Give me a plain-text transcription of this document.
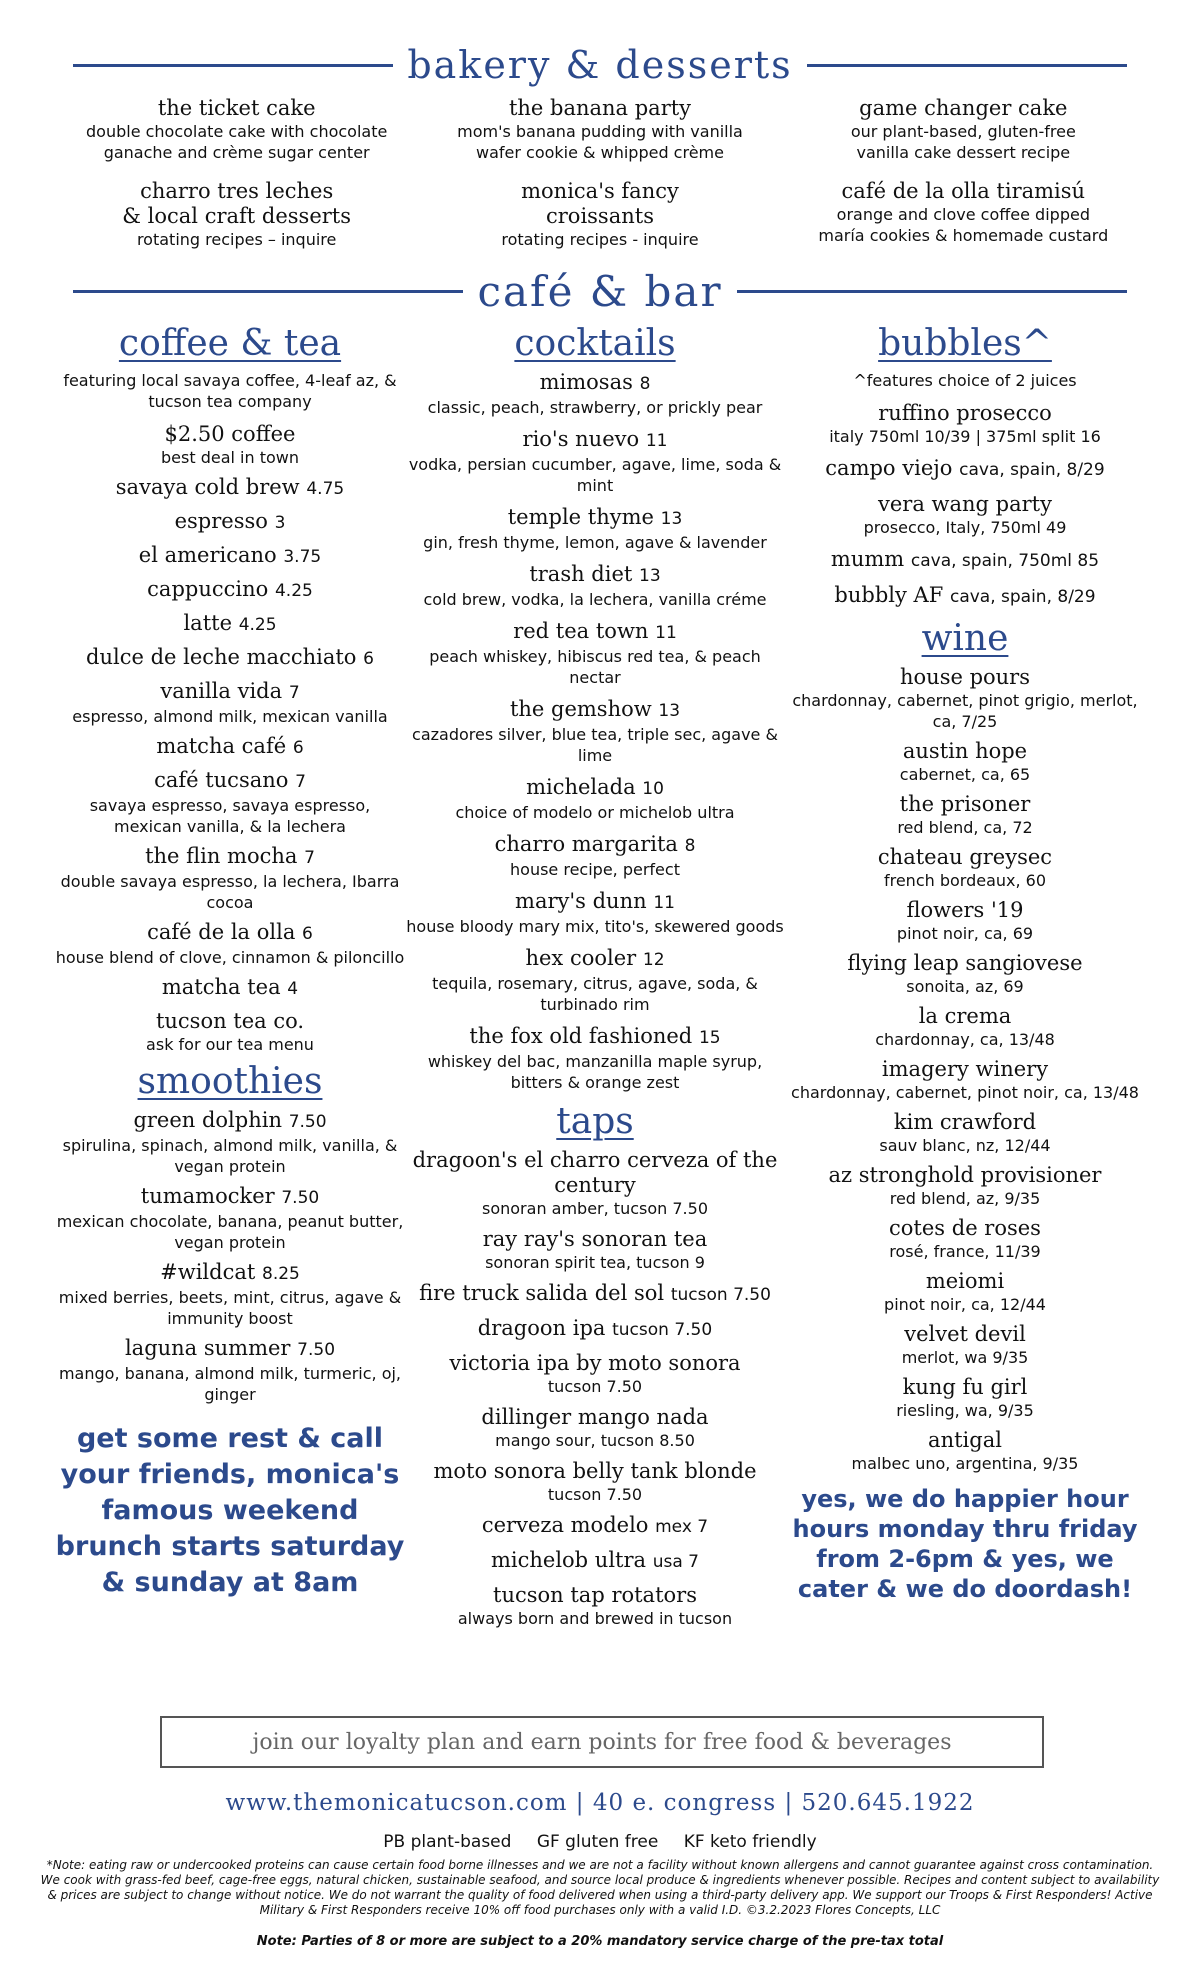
bakery & desserts
the ticket cake
double chocolate cake with chocolate
ganache and crème sugar center
charro tres leches
& local craft desserts
rotating recipes – inquire
the banana party
mom's banana pudding with vanilla
wafer cookie & whipped crème
monica's fancy
croissants
rotating recipes - inquire
game changer cake
our plant-based, gluten-free
vanilla cake dessert recipe
café de la olla tiramisú
orange and clove coffee dipped
maría cookies & homemade custard
café & bar
coffee & tea
featuring local savaya coffee, 4-leaf az, & tucson tea company
$2.50 coffee
best deal in town
savaya cold brew 4.75
espresso 3
el americano 3.75
cappuccino 4.25
latte 4.25
dulce de leche macchiato 6
vanilla vida 7
espresso, almond milk, mexican vanilla
matcha café 6
café tucsano 7
savaya espresso, savaya espresso, mexican vanilla, & la lechera
the flin mocha 7
double savaya espresso, la lechera, Ibarra cocoa
café de la olla 6
house blend of clove, cinnamon & piloncillo
matcha tea 4
tucson tea co.
ask for our tea menu
smoothies
green dolphin 7.50
spirulina, spinach, almond milk, vanilla, & vegan protein
tumamocker 7.50
mexican chocolate, banana, peanut butter, vegan protein
#wildcat 8.25
mixed berries, beets, mint, citrus, agave & immunity boost
laguna summer 7.50
mango, banana, almond milk, turmeric, oj, ginger
get some rest & call your friends, monica's famous weekend brunch starts saturday & sunday at 8am
cocktails
mimosas 8
classic, peach, strawberry, or prickly pear
rio's nuevo 11
vodka, persian cucumber, agave, lime, soda & mint
temple thyme 13
gin, fresh thyme, lemon, agave & lavender
trash diet 13
cold brew, vodka, la lechera, vanilla créme
red tea town 11
peach whiskey, hibiscus red tea, & peach nectar
the gemshow 13
cazadores silver, blue tea, triple sec, agave & lime
michelada 10
choice of modelo or michelob ultra
charro margarita 8
house recipe, perfect
mary's dunn 11
house bloody mary mix, tito's, skewered goods
hex cooler 12
tequila, rosemary, citrus, agave, soda, & turbinado rim
the fox old fashioned 15
whiskey del bac, manzanilla maple syrup, bitters & orange zest
taps
dragoon's el charro cerveza of the century
sonoran amber, tucson 7.50
ray ray's sonoran tea
sonoran spirit tea, tucson 9
fire truck salida del sol tucson 7.50
dragoon ipa tucson 7.50
victoria ipa by moto sonora
tucson 7.50
dillinger mango nada
mango sour, tucson 8.50
moto sonora belly tank blonde
tucson 7.50
cerveza modelo mex 7
michelob ultra usa 7
tucson tap rotators
always born and brewed in tucson
bubbles^
^features choice of 2 juices
ruffino prosecco
italy 750ml 10/39 | 375ml split 16
campo viejo cava, spain, 8/29
vera wang party
prosecco, Italy, 750ml 49
mumm cava, spain, 750ml 85
bubbly AF cava, spain, 8/29
wine
house pours
chardonnay, cabernet, pinot grigio, merlot, ca, 7/25
austin hope
cabernet, ca, 65
the prisoner
red blend, ca, 72
chateau greysec
french bordeaux, 60
flowers '19
pinot noir, ca, 69
flying leap sangiovese
sonoita, az, 69
la crema
chardonnay, ca, 13/48
imagery winery
chardonnay, cabernet, pinot noir, ca, 13/48
kim crawford
sauv blanc, nz, 12/44
az stronghold provisioner
red blend, az, 9/35
cotes de roses
rosé, france, 11/39
meiomi
pinot noir, ca, 12/44
velvet devil
merlot, wa 9/35
kung fu girl
riesling, wa, 9/35
antigal
malbec uno, argentina, 9/35
yes, we do happier hour hours monday thru friday from 2-6pm & yes, we cater & we do doordash!
join our loyalty plan and earn points for free food & beverages
www.themonicatucson.com | 40 e. congress | 520.645.1922
PB plant-based GF gluten free KF keto friendly
*Note: eating raw or undercooked proteins can cause certain food borne illnesses and we are not a facility without known allergens and cannot guarantee against cross contamination. We cook with grass-fed beef, cage-free eggs, natural chicken, sustainable seafood, and source local produce & ingredients whenever possible. Recipes and content subject to availability & prices are subject to change without notice. We do not warrant the quality of food delivered when using a third-party delivery app. We support our Troops & First Responders! Active Military & First Responders receive 10% off food purchases only with a valid I.D. ©3.2.2023 Flores Concepts, LLC
Note: Parties of 8 or more are subject to a 20% mandatory service charge of the pre-tax total
